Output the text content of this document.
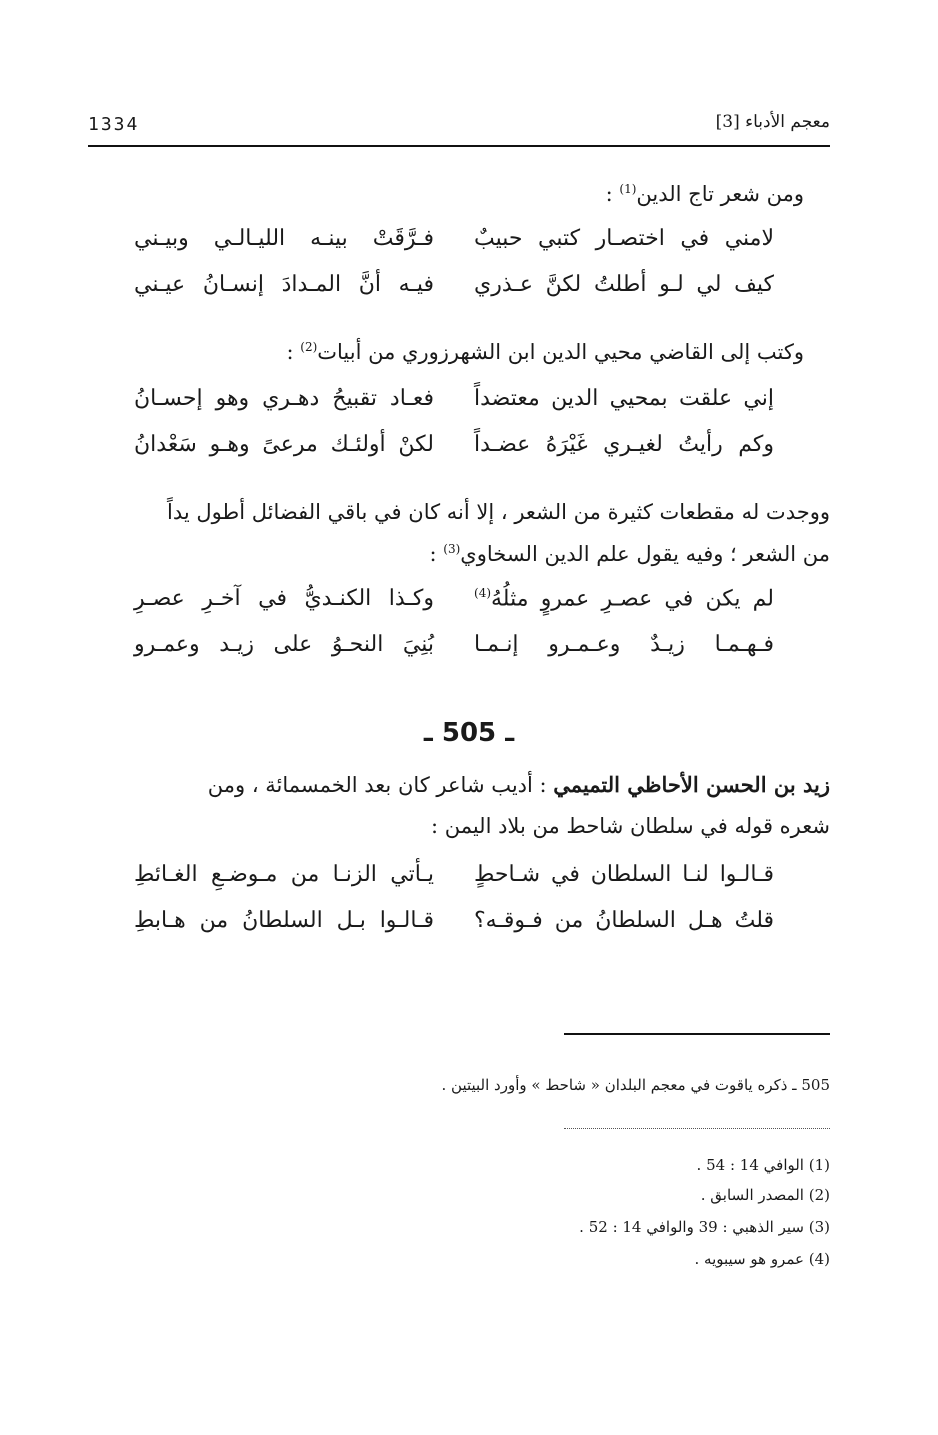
1334	معجم الأدباء [3]
ومن شعر تاج الدين$^{(1)}$ :
لامني في اختصـار كتبي حبيبٌ
فـرَّقَتْ بينـه الليـالـي وبيـني
كيف لي لـو أطلتُ لكنَّ عـذري
فيـه أنَّ المـدادَ إنسـانُ عيـني
وكتب إلى القاضي محيي الدين ابن الشهرزوري من أبيات$^{(2)}$ :
إني علقت بمحيي الدين معتضداً
فعـاد تقبيحُ دهـري وهو إحسـانُ
وكم رأيتُ لغيـري غَيْرَهُ عضـداً
لكنْ أولئـك مرعىً وهـو سَعْدانُ
ووجدت له مقطعات كثيرة من الشعر ، إلا أنه كان في باقي الفضائل أطول يداً
من الشعر ؛ وفيه يقول علم الدين السخاوي$^{(3)}$ :
لم يكن في عصـرِ عمروٍ مثلُهُ$^{(4)}$
وكـذا الكنـديُّ في آخـرِ عصـرِ
فـهـمـا زيـدٌ وعـمـرو إنـمـا
بُنِيَ النحـوُ على زيـد وعمـرو
ـ 505 ـ
زيد بن الحسن الأحاظي التميمي : أديب شاعر كان بعد الخمسمائة ، ومن
شعره قوله في سلطان شاحط من بلاد اليمن :
قـالـوا لنـا السلطان في شـاحطٍ
يـأتي الزنـا من مـوضـعِ الغـائطِ
قلتُ هـل السلطانُ من فـوقـه؟
قـالـوا بـل السلطانُ من هـابطِ
505 ـ ذكره ياقوت في معجم البلدان « شاحط » وأورد البيتين .
(1) الوافي 14 : 54 .
(2) المصدر السابق .
(3) سير الذهبي : 39 والوافي 14 : 52 .
(4) عمرو هو سيبويه .
